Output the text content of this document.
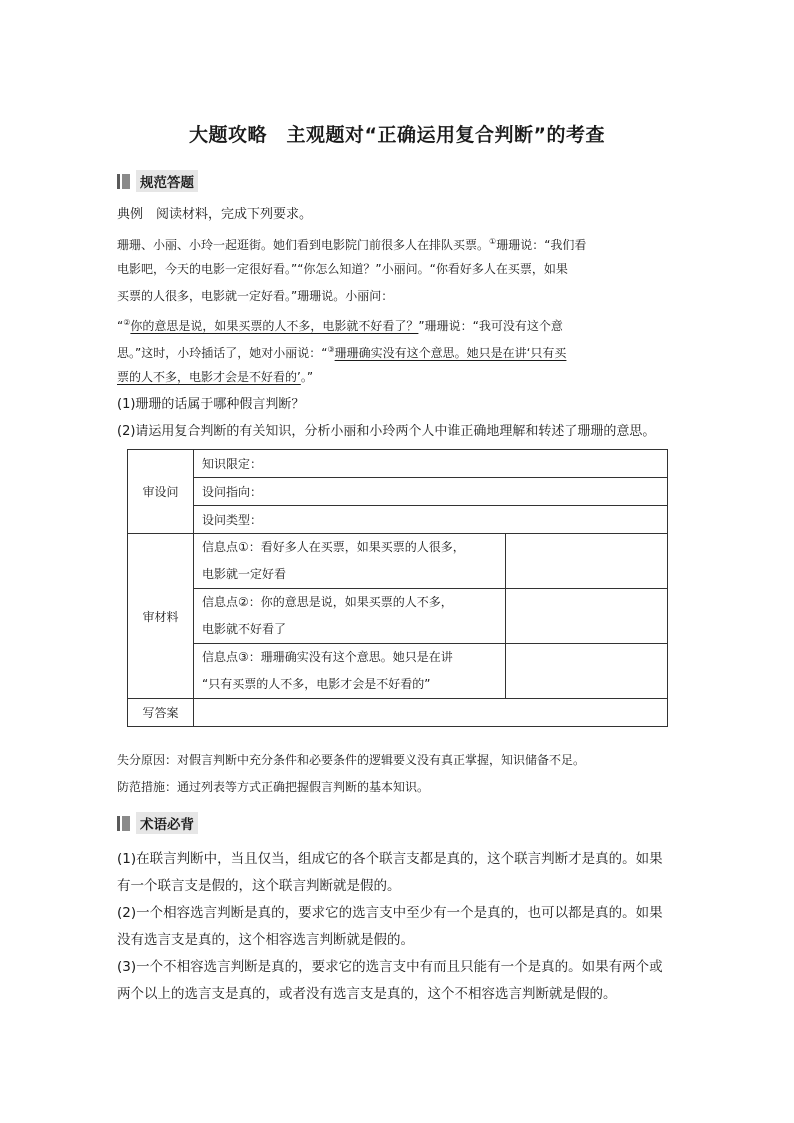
大题攻略　主观题对“正确运用复合判断”的考查
规范答题
典例　阅读材料，完成下列要求。
珊珊、小丽、小玲一起逛街。她们看到电影院门前很多人在排队买票。①珊珊说：“我们看
电影吧，今天的电影一定很好看。”“你怎么知道？”小丽问。“你看好多人在买票，如果
买票的人很多，电影就一定好看。”珊珊说。小丽问：
“②你的意思是说，如果买票的人不多，电影就不好看了？”珊珊说：“我可没有这个意
思。”这时，小玲插话了，她对小丽说：“③珊珊确实没有这个意思。她只是在讲‘只有买
票的人不多，电影才会是不好看的’。”
(1)珊珊的话属于哪种假言判断？
(2)请运用复合判断的有关知识，分析小丽和小玲两个人中谁正确地理解和转述了珊珊的意思。
审设问	知识限定：	
	设问指向：	
	设问类型：	
审材料	信息点①：看好多人在买票，如果买票的人很多，
电影就一定好看	

	信息点②：你的意思是说，如果买票的人不多，
电影就不好看了	

	信息点③：珊珊确实没有这个意思。她只是在讲
“只有买票的人不多，电影才会是不好看的”	

写答案		
失分原因：对假言判断中充分条件和必要条件的逻辑要义没有真正掌握，知识储备不足。
防范措施：通过列表等方式正确把握假言判断的基本知识。
术语必背
(1)在联言判断中，当且仅当，组成它的各个联言支都是真的，这个联言判断才是真的。如果
有一个联言支是假的，这个联言判断就是假的。
(2)一个相容选言判断是真的，要求它的选言支中至少有一个是真的，也可以都是真的。如果
没有选言支是真的，这个相容选言判断就是假的。
(3)一个不相容选言判断是真的，要求它的选言支中有而且只能有一个是真的。如果有两个或
两个以上的选言支是真的，或者没有选言支是真的，这个不相容选言判断就是假的。
